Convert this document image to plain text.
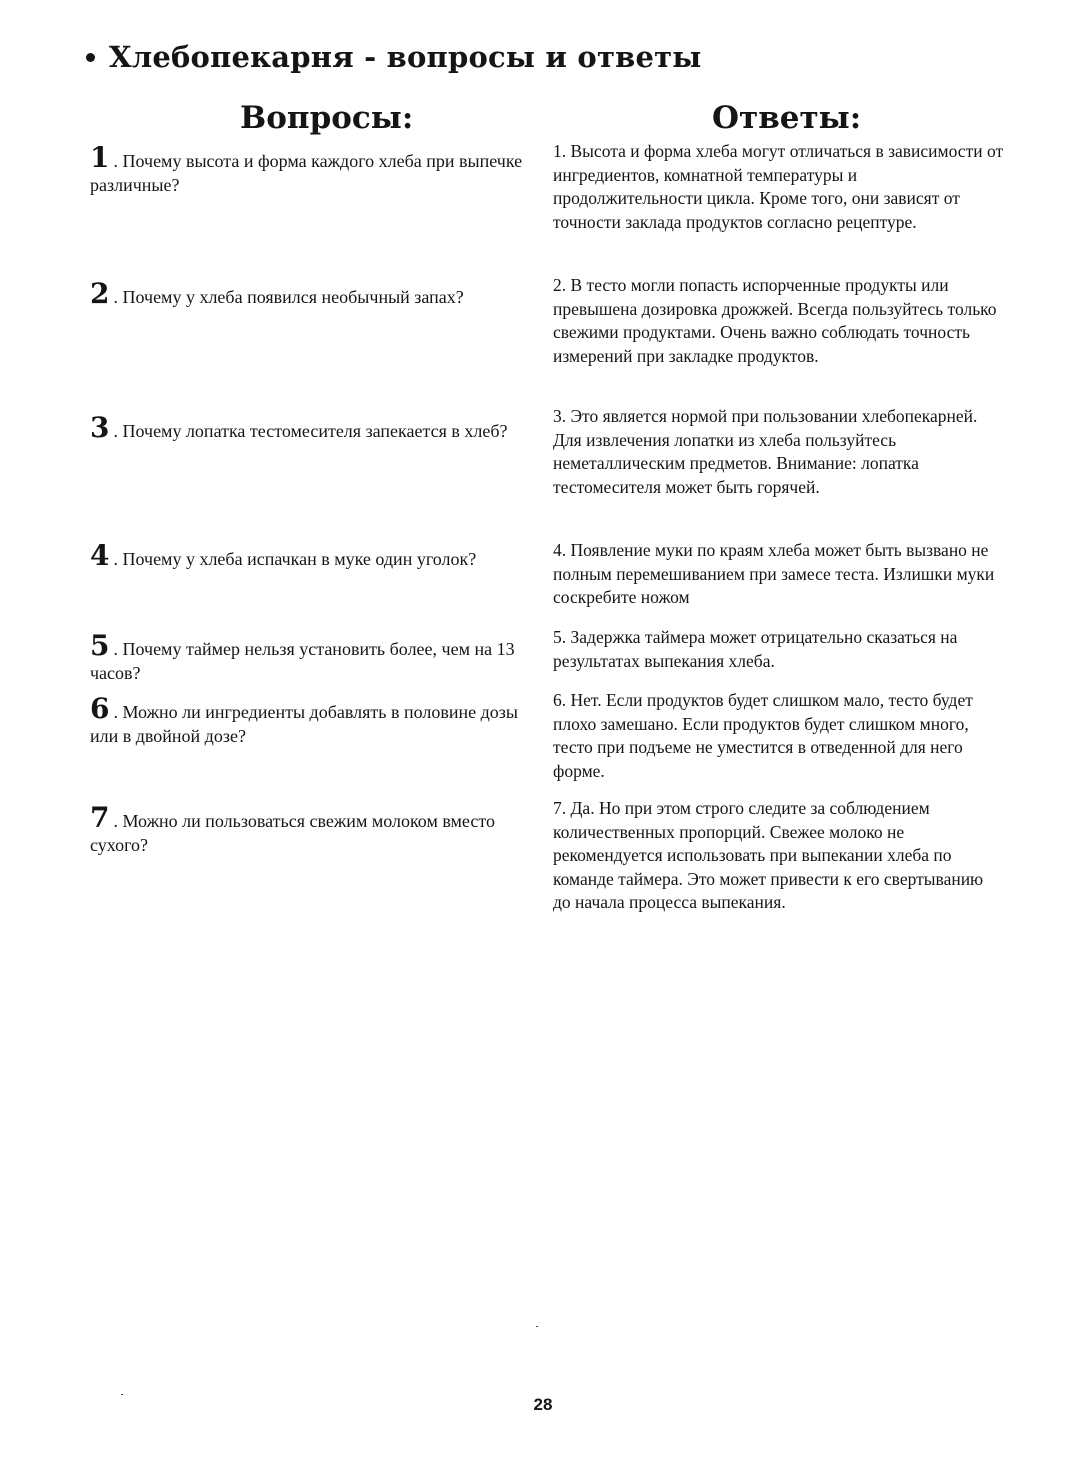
Хлебопекарня - вопросы и ответы
Вопросы:	Ответы:
1 . Почему высота и форма каждого хлеба при выпечке различные?
1. Высота и форма хлеба могут отличаться в зависимости от ингредиентов, комнатной температуры и продолжительности цикла. Кроме того, они зависят от точности заклада продуктов согласно рецептуре.
2 . Почему у хлеба появился необычный запах?
2. В тесто могли попасть испорченные продукты или превышена дозировка дрожжей. Всегда пользуйтесь только свежими продуктами. Очень важно соблюдать точность измерений при закладке продуктов.
3 . Почему лопатка тестомесителя запекается в хлеб?
3. Это является нормой при пользовании хлебопекарней. Для извлечения лопатки из хлеба пользуйтесь неметаллическим предметов. Внимание: лопатка тестомесителя может быть горячей.
4 . Почему у хлеба испачкан в муке один уголок?	4. Появление муки по краям хлеба может быть вызвано не полным перемешиванием при замесе теста. Излишки муки соскребите ножом
5 . Почему таймер нельзя установить более, чем на 13 часов?
5. Задержка таймера может отрицательно сказаться на результатах выпекания хлеба.
6 . Можно ли ингредиенты добавлять в половине дозы или в двойной дозе?
6. Нет. Если продуктов будет слишком мало, тесто будет плохо замешано. Если продуктов будет слишком много, тесто при подъеме не уместится в отведенной для него форме.
7 . Можно ли пользоваться свежим молоком вместо сухого?
7. Да. Но при этом строго следите за соблюдением количественных пропорций. Свежее молоко не рекомендуется использовать при выпекании хлеба по команде таймера. Это может привести к его свертыванию до начала процесса выпекания.
28
